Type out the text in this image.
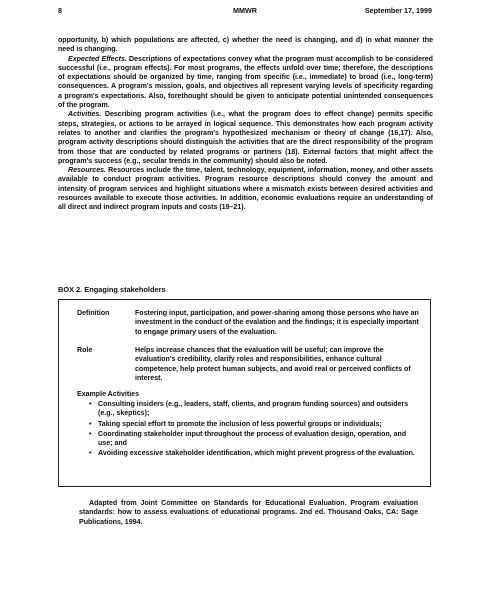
8	MMWR	September 17, 1999

opportunity, b) which populations are affected, c) whether the need is changing, and d) in what manner the need is changing.

Expected Effects. Descriptions of expectations convey what the program must accomplish to be considered successful (i.e., program effects). For most programs, the effects unfold over time; therefore, the descriptions of expectations should be organized by time, ranging from specific (i.e., immediate) to broad (i.e., long-term) consequences. A program's mission, goals, and objectives all represent varying levels of specificity regarding a program's expectations. Also, forethought should be given to anticipate potential unintended consequences of the program.

Activities. Describing program activities (i.e., what the program does to effect change) permits specific steps, strategies, or actions to be arrayed in logical sequence. This demonstrates how each program activity relates to another and clarifies the program's hypothesized mechanism or theory of change (16,17). Also, program activity descriptions should distinguish the activities that are the direct responsibility of the program from those that are conducted by related programs or partners (18). External factors that might affect the program's success (e.g., secular trends in the community) should also be noted.

Resources. Resources include the time, talent, technology, equipment, information, money, and other assets available to conduct program activities. Program resource descriptions should convey the amount and intensity of program services and highlight situations where a mismatch exists between desired activities and resources available to execute those activities. In addition, economic evaluations require an understanding of all direct and indirect program inputs and costs (19–21).

BOX 2. Engaging stakeholders
Definition	Fostering input, participation, and power-sharing among those persons who have an investment in the conduct of the evalation and the findings; it is especially important to engage primary users of the evaluation.
Role	Helps increase chances that the evaluation will be useful; can improve the evaluation's credibility, clarify roles and responsibilities, enhance cultural competence, help protect human subjects, and avoid real or perceived conflicts of interest.
Example Activities
• Consulting insiders (e.g., leaders, staff, clients, and program funding sources) and outsiders (e.g., skeptics);
• Taking special effort to promote the inclusion of less powerful groups or individuals;
• Coordinating stakeholder input throughout the process of evaluation design, operation, and use; and
• Avoiding excessive stakeholder identification, which might prevent progress of the evaluation.
Adapted from Joint Committee on Standards for Educational Evaluation. Program evaluation standards: how to assess evaluations of educational programs. 2nd ed. Thousand Oaks, CA: Sage Publications, 1994.
